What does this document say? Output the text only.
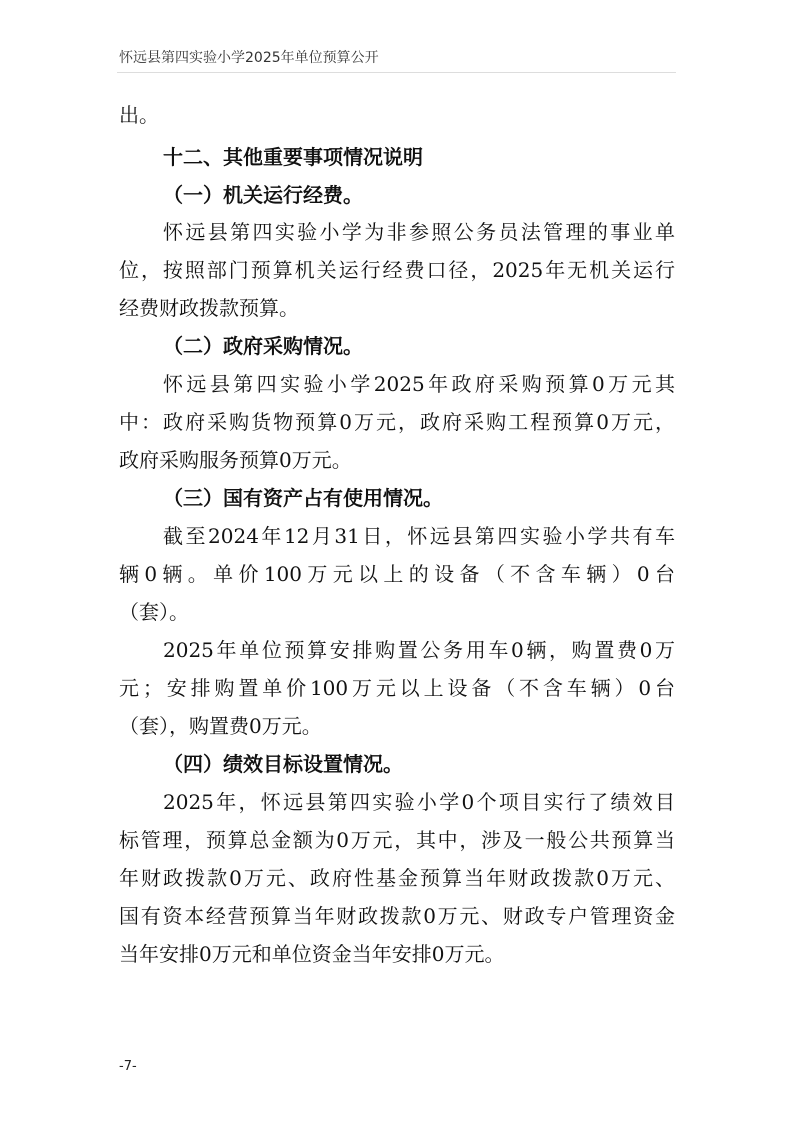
怀远县第四实验小学2025年单位预算公开
出。
十二、其他重要事项情况说明
（一）机关运行经费。
怀远县第四实验小学为非参照公务员法管理的事业单
位，按照部门预算机关运行经费口径，2025年无机关运行
经费财政拨款预算。
（二）政府采购情况。
怀远县第四实验小学2025年政府采购预算0万元其
中：政府采购货物预算0万元，政府采购工程预算0万元，
政府采购服务预算0万元。
（三）国有资产占有使用情况。
截至2024年12月31日，怀远县第四实验小学共有车
辆0辆。单价100万元以上的设备（不含车辆）0台
（套）。
2025年单位预算安排购置公务用车0辆，购置费0万
元；安排购置单价100万元以上设备（不含车辆）0台
（套），购置费0万元。
（四）绩效目标设置情况。
2025年，怀远县第四实验小学0个项目实行了绩效目
标管理，预算总金额为0万元，其中，涉及一般公共预算当
年财政拨款0万元、政府性基金预算当年财政拨款0万元、
国有资本经营预算当年财政拨款0万元、财政专户管理资金
当年安排0万元和单位资金当年安排0万元。
-7-
